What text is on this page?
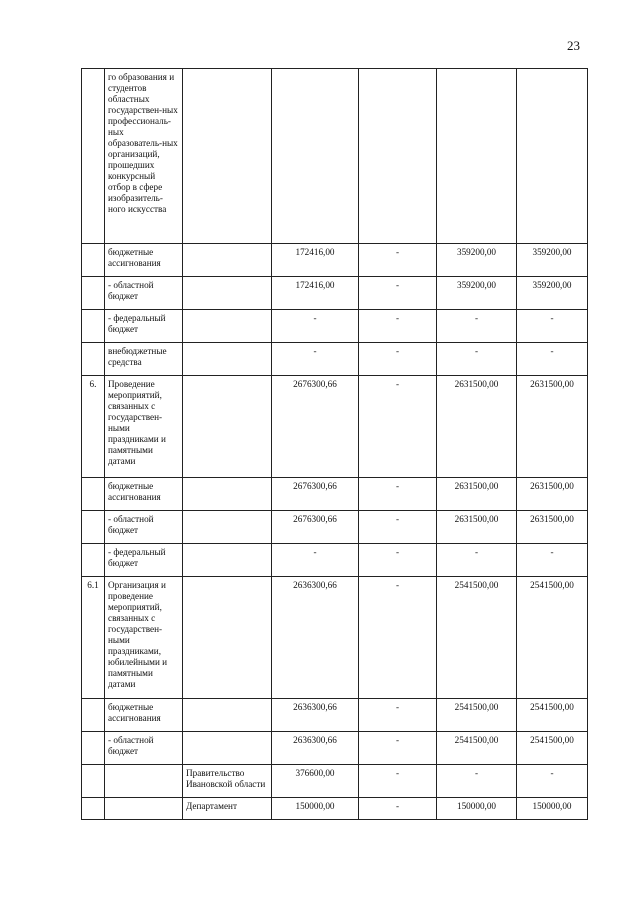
23
	го образования и студентов областных государствен-ных профессиональ-ных образователь-ных организаций, прошедших конкурсный отбор в сфере изобразитель-ного искусства					
	бюджетные ассигнования		172416,00	-	359200,00	359200,00
	- областной бюджет		172416,00	-	359200,00	359200,00
	- федеральный бюджет		-	-	-	-
	внебюджетные средства		-	-	-	-
6.	Проведение мероприятий, связанных с государствен-ными праздниками и памятными датами		2676300,66	-	2631500,00	2631500,00
	бюджетные ассигнования		2676300,66	-	2631500,00	2631500,00
	- областной бюджет		2676300,66	-	2631500,00	2631500,00
	- федеральный бюджет		-	-	-	-
6.1	Организация и проведение мероприятий, связанных с государствен-ными праздниками, юбилейными и памятными датами		2636300,66	-	2541500,00	2541500,00
	бюджетные ассигнования		2636300,66	-	2541500,00	2541500,00
	- областной бюджет		2636300,66	-	2541500,00	2541500,00
		Правительство Ивановской области	376600,00	-	-	-
		Департамент	150000,00	-	150000,00	150000,00
